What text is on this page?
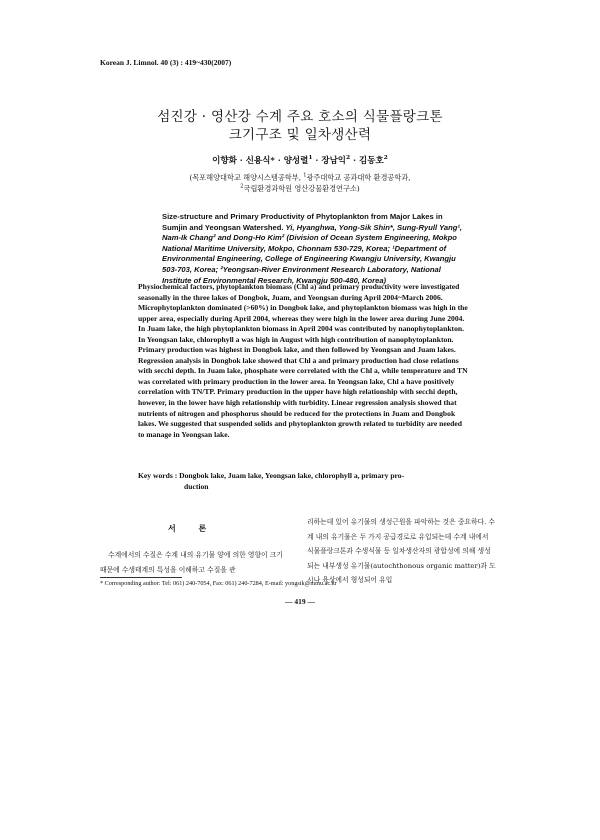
Korean J. Limnol. 40 (3) : 419~430(2007)
섬진강 · 영산강 수계 주요 호소의 식물플랑크톤
크기구조 및 일차생산력
이향화 · 신용식* · 양성렬$^1$ · 장남익$^2$ · 김동호$^2$
(목포해양대학교 해양시스템공학부, $^1$광주대학교 공과대학 환경공학과,
$^2$국립환경과학원 영산강물환경연구소)
Size-structure and Primary Productivity of Phytoplankton from Major Lakes in Sumjin and Yeongsan Watershed. Yi, Hyanghwa, Yong-Sik Shin*, Sung-Ryull Yang¹, Nam-Ik Chang² and Dong-Ho Kim² (Division of Ocean System Engineering, Mokpo National Maritime University, Mokpo, Chonnam 530-729, Korea; ¹Department of Environmental Engineering, College of Engineering Kwangju University, Kwangju 503-703, Korea; ²Yeongsan-River Environment Research Laboratory, National Institute of Environmental Research, Kwangju 500-480, Korea)
Physiochemical factors, phytoplankton biomass (Chl a) and primary productivity were investigated seasonally in the three lakes of Dongbok, Juam, and Yeongsan during April 2004~March 2006. Microphytoplankton dominated (>60%) in Dongbok lake, and phytoplankton biomass was high in the upper area, especially during April 2004, whereas they were high in the lower area during June 2004. In Juam lake, the high phytoplankton biomass in April 2004 was contributed by nanophytoplankton. In Yeongsan lake, chlorophyll a was high in August with high contribution of nanophytoplankton. Primary production was highest in Dongbok lake, and then followed by Yeongsan and Juam lakes. Regression analysis in Dongbok lake showed that Chl a and primary production had close relations with secchi depth. In Juam lake, phosphate were correlated with the Chl a, while temperature and TN was correlated with primary production in the lower area. In Yeongsan lake, Chl a have positively correlation with TN/TP. Primary production in the upper have high relationship with secchi depth, however, in the lower have high relationship with turbidity. Linear regression analysis showed that nutrients of nitrogen and phosphorus should be reduced for the protections in Juam and Dongbok lakes. We suggested that suspended solids and phytoplankton growth related to turbidity are needed to manage in Yeongsan lake.
Key words : Dongbok lake, Juam lake, Yeongsan lake, chlorophyll a, primary pro-
duction
서 론
수계에서의 수질은 수계 내의 유기물 양에 의한 영향이 크기 때문에 수생태계의 특성을 이해하고 수질을 관
리하는데 있어 유기물의 생성근원을 파악하는 것은 중요하다. 수계 내의 유기물은 두 가지 공급경로로 유입되는데 수계 내에서 식물플랑크톤과 수생식물 등 일차생산자의 광합성에 의해 생성되는 내부생성 유기물(autochthonous organic matter)과 도시나 육상에서 형성되어 유입
* Corresponding author: Tel: 061) 240-7054, Fax: 061) 240-7284, E-mail: yongsik@mmu.ac.kr
— 419 —
